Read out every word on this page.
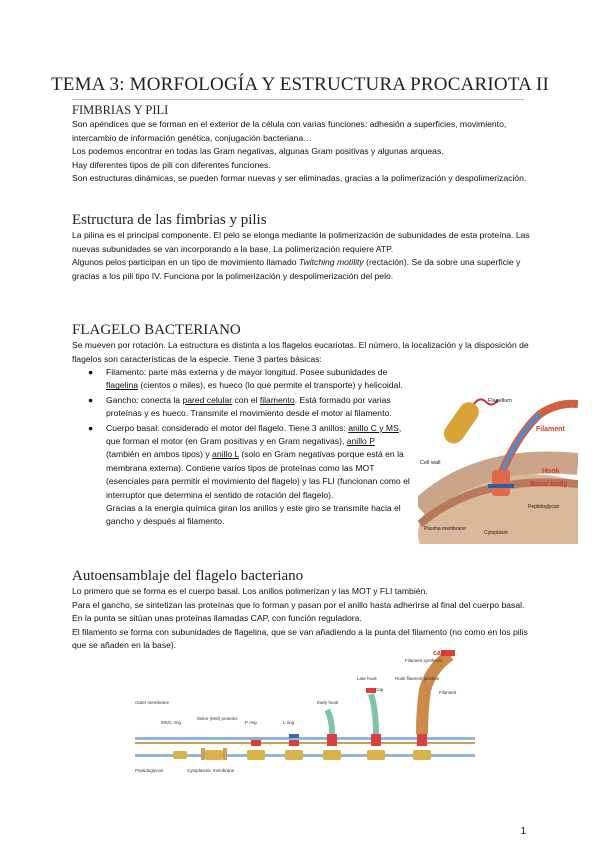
TEMA 3: MORFOLOGÍA Y ESTRUCTURA PROCARIOTA II
FIMBRIAS Y PILI

Son apéndices que se forman en el exterior de la célula con varias funciones: adhesión a superficies, movimiento, intercambio de información genética, conjugación bacteriana…
Los podemos encontrar en todas las Gram negativas, algunas Gram positivas y algunas arqueas.
Hay diferentes tipos de pili con diferentes funciones.
Son estructuras dinámicas, se pueden formar nuevas y ser eliminadas, gracias a la polimerización y despolimerización.

Estructura de las fimbrias y pilis

La pilina es el principal componente. El pelo se elonga mediante la polimerización de subunidades de esta proteína. Las nuevas subunidades se van incorporando a la base. La polimerización requiere ATP.
Algunos pelos participan en un tipo de movimiento llamado Twitching motility (rectación). Se da sobre una superficie y gracias a los pili tipo IV. Funciona por la polimerización y despolimerización del pelo.

FLAGELO BACTERIANO

Se mueven por rotación. La estructura es distinta a los flagelos eucariotas. El número, la localización y la disposición de flagelos son características de la especie. Tiene 3 partes básicas:

● Filamento: parte más externa y de mayor longitud. Posee subunidades de flagelina (cientos o miles), es hueco (lo que permite el transporte) y helicoidal.
● Gancho: conecta la pared celular con el filamento. Está formado por varias proteínas y es hueco. Transmite el movimiento desde el motor al filamento.
● Cuerpo basal: considerado el motor del flagelo. Tiene 3 anillos: anillo C y MS, que forman el motor (en Gram positivas y en Gram negativas), anillo P (también en ambos tipos) y anillo L (solo en Gram negativas porque está en la membrana externa). Contiene varios tipos de proteínas como las MOT (esenciales para permitir el movimiento del flagelo) y las FLI (funcionan como el interruptor que determina el sentido de rotación del flagelo).
Gracias a la energía química giran los anillos y este giro se transmite hacia el gancho y después al filamento.
Flagellum
Filament
Cell wall
Hook
Basal body
Peptidoglycan
Plasma membrane
Cytoplasm
Autoensamblaje del flagelo bacteriano

Lo primero que se forma es el cuerpo basal. Los anillos polimerizan y las MOT y FLI también.
Para el gancho, se sintetizan las proteínas que lo forman y pasan por el anillo hasta adherirse al final del cuerpo basal. En la punta se sitúan unas proteínas llamadas CAP, con función reguladora.
El filamento se forma con subunidades de flagelina, que se van añadiendo a la punta del filamento (no como en los pilis que se añaden en la base).

Outer membrane
MS/C ring
Motor (Mot) proteins
P ring	L ring
Early hook
Late hook
Cap
Hook filament junction
Filament synthesis
cap
Filament
Peptidoglycan	Cytoplasmic membrane
1
